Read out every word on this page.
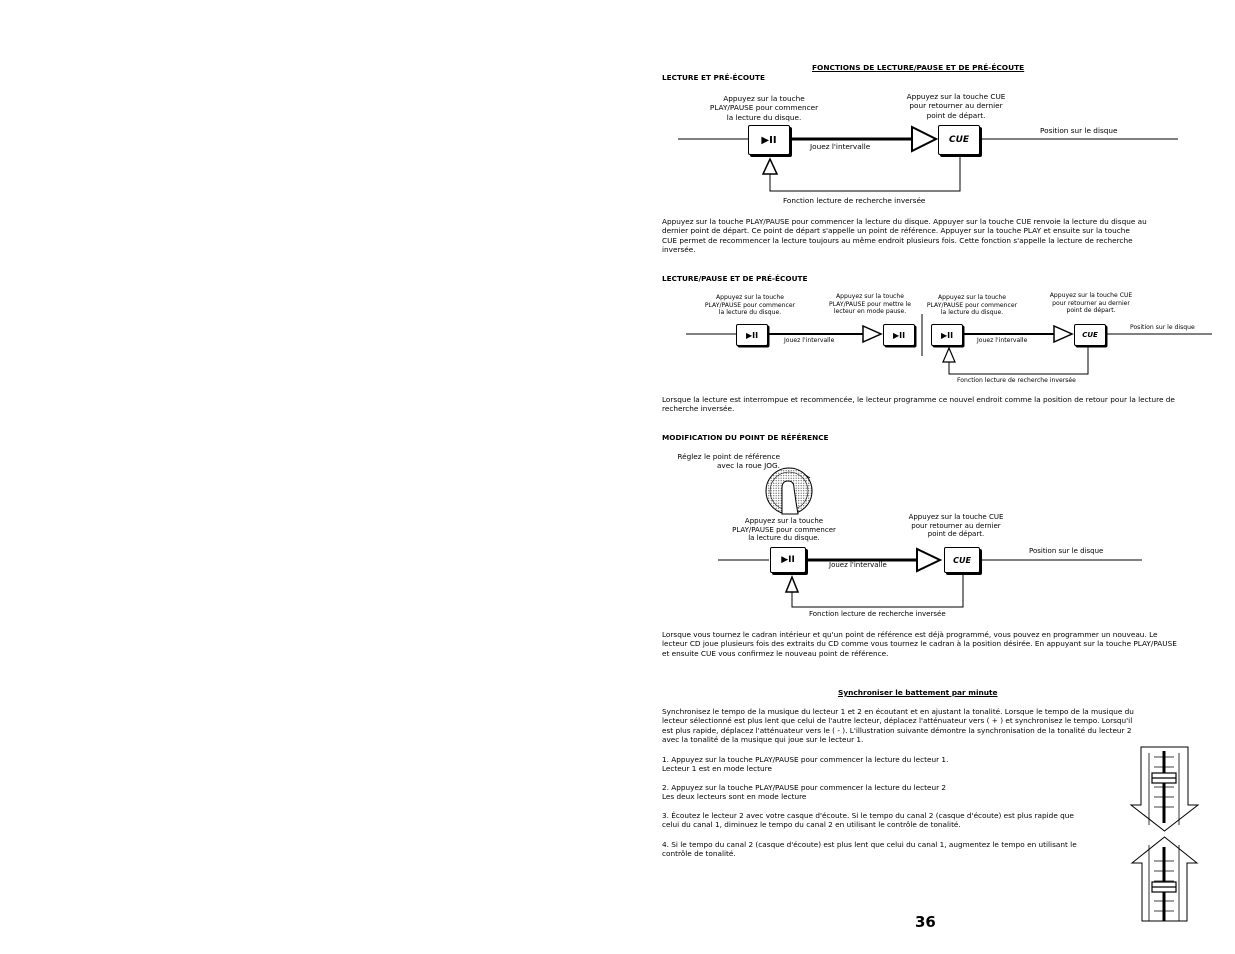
FONCTIONS DE LECTURE/PAUSE ET DE PRÉ-ÉCOUTE
LECTURE ET PRÉ-ÉCOUTE
Appuyez sur la touche
PLAY/PAUSE pour commencer
la lecture du disque.
Appuyez sur la touche CUE
pour retourner au dernier
point de départ.
Position sur le disque
▶II	CUE
Jouez l'intervalle
Fonction lecture de recherche inversée
Appuyez sur la touche PLAY/PAUSE pour commencer la lecture du disque. Appuyer sur la touche CUE renvoie la lecture du disque au
dernier point de départ. Ce point de départ s'appelle un point de référence. Appuyer sur la touche PLAY et ensuite sur la touche
CUE permet de recommencer la lecture toujours au même endroit plusieurs fois. Cette fonction s'appelle la lecture de recherche
inversée.
LECTURE/PAUSE ET DE PRÉ-ÉCOUTE
Appuyez sur la touche
PLAY/PAUSE pour commencer
la lecture du disque.
Appuyez sur la touche
PLAY/PAUSE pour mettre le
lecteur en mode pause.
Appuyez sur la touche
PLAY/PAUSE pour commencer
la lecture du disque.
Appuyez sur la touche CUE
pour retourner au dernier
point de départ.
Position sur le disque
▶II	▶II	▶II	CUE
Jouez l'intervalle	Jouez l'intervalle
Fonction lecture de recherche inversée
Lorsque la lecture est interrompue et recommencée, le lecteur programme ce nouvel endroit comme la position de retour pour la lecture de
recherche inversée.
MODIFICATION DU POINT DE RÉFÉRENCE
Réglez le point de référence
avec la roue JOG.
Appuyez sur la touche
PLAY/PAUSE pour commencer
la lecture du disque.
Appuyez sur la touche CUE
pour retourner au dernier
point de départ.
Position sur le disque
▶II	CUE
Jouez l'intervalle
Fonction lecture de recherche inversée
Lorsque vous tournez le cadran intérieur et qu'un point de référence est déjà programmé, vous pouvez en programmer un nouveau. Le
lecteur CD joue plusieurs fois des extraits du CD comme vous tournez le cadran à la position désirée. En appuyant sur la touche PLAY/PAUSE
et ensuite CUE vous confirmez le nouveau point de référence.
Synchroniser le battement par minute
Synchronisez le tempo de la musique du lecteur 1 et 2 en écoutant et en ajustant la tonalité. Lorsque le tempo de la musique du
lecteur sélectionné est plus lent que celui de l'autre lecteur, déplacez l'atténuateur vers ( + ) et synchronisez le tempo. Lorsqu'il
est plus rapide, déplacez l'atténuateur vers le ( - ). L'illustration suivante démontre la synchronisation de la tonalité du lecteur 2
avec la tonalité de la musique qui joue sur le lecteur 1.
1. Appuyez sur la touche PLAY/PAUSE pour commencer la lecture du lecteur 1.
Lecteur 1 est en mode lecture
2. Appuyez sur la touche PLAY/PAUSE pour commencer la lecture du lecteur 2
Les deux lecteurs sont en mode lecture
3. Écoutez le lecteur 2 avec votre casque d'écoute. Si le tempo du canal 2 (casque d'écoute) est plus rapide que
celui du canal 1, diminuez le tempo du canal 2 en utilisant le contrôle de tonalité.
4. Si le tempo du canal 2 (casque d'écoute) est plus lent que celui du canal 1, augmentez le tempo en utilisant le
contrôle de tonalité.
36
